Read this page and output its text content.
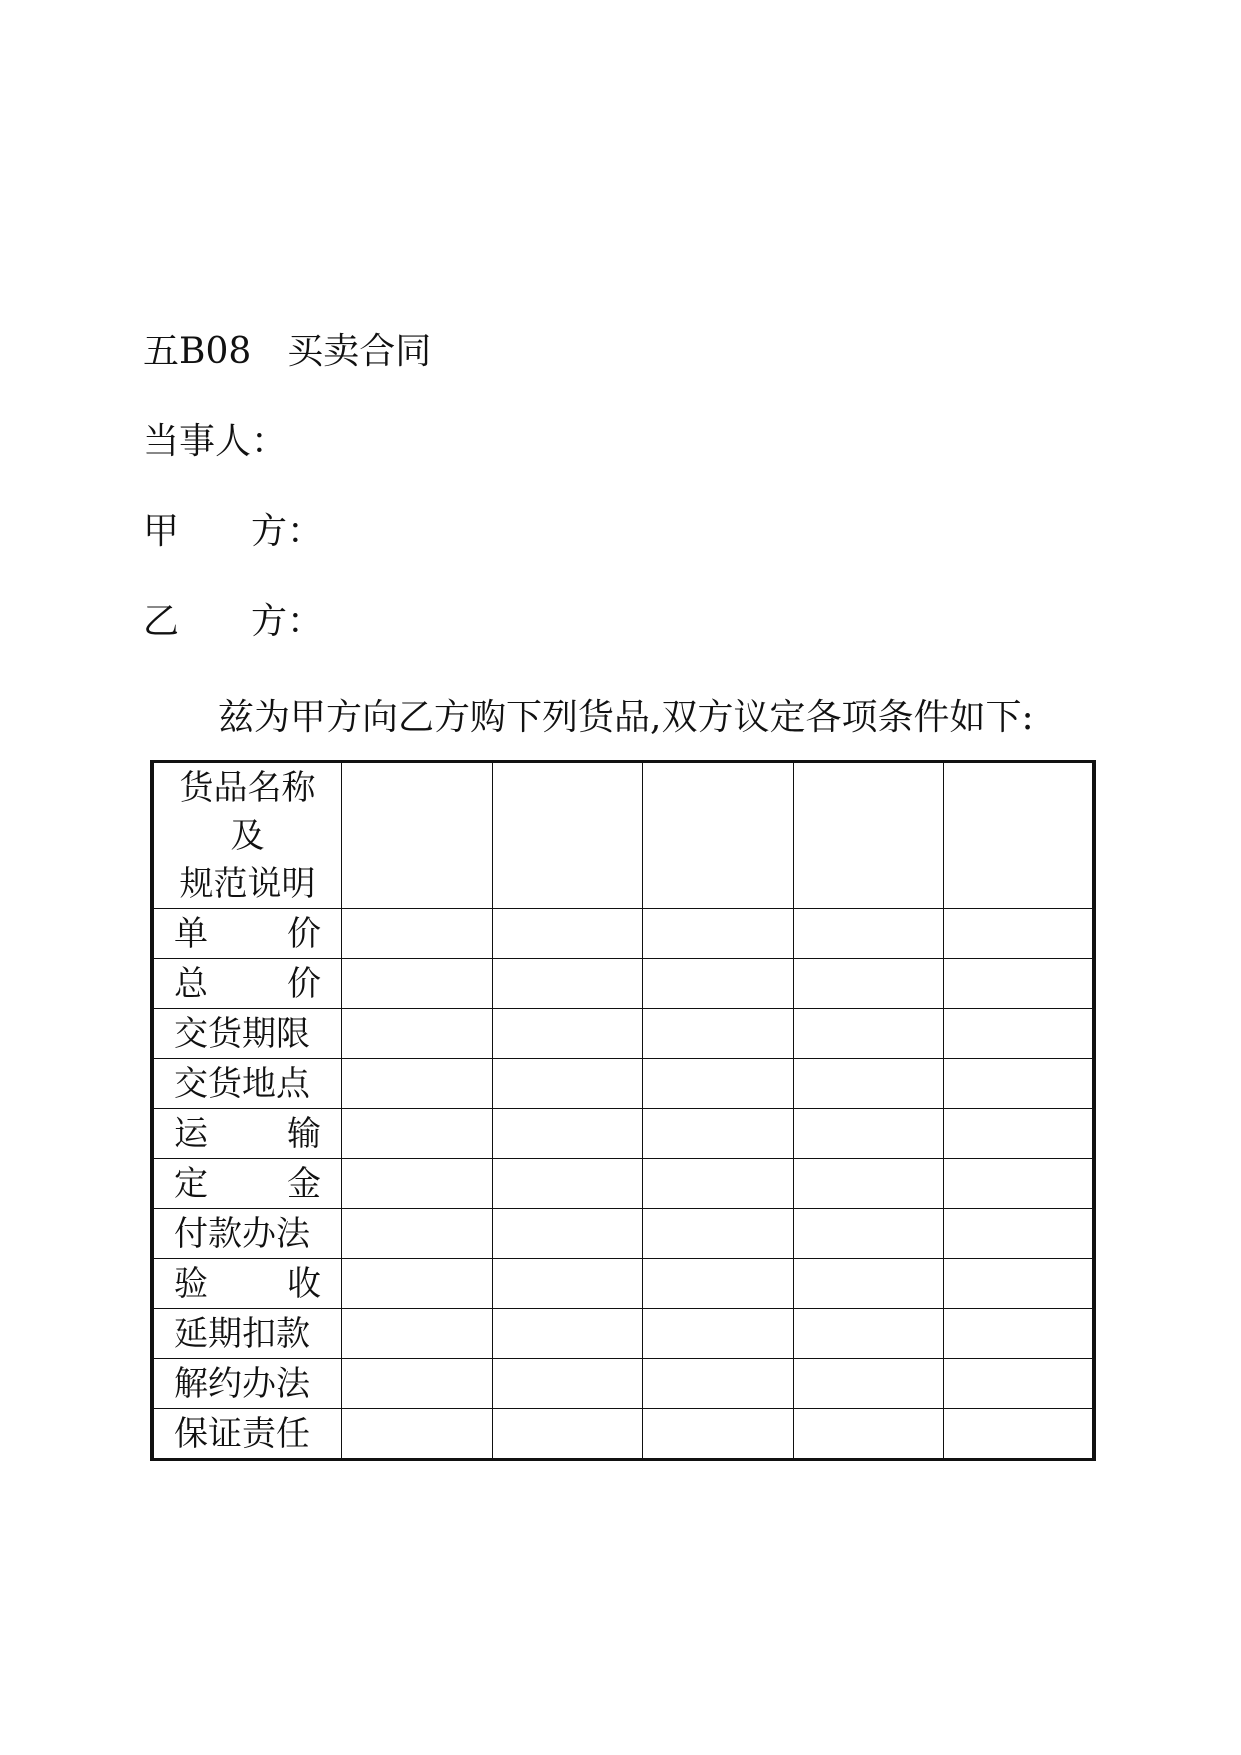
五B08　买卖合同
当事人：
甲　　方：
乙　　方：
兹为甲方向乙方购下列货品,双方议定各项条件如下:
货品名称
及
规范说明					

单 价					

总 价					

交货期限					

交货地点					

运 输					

定 金					

付款办法					

验 收					

延期扣款					

解约办法					

保证责任					
